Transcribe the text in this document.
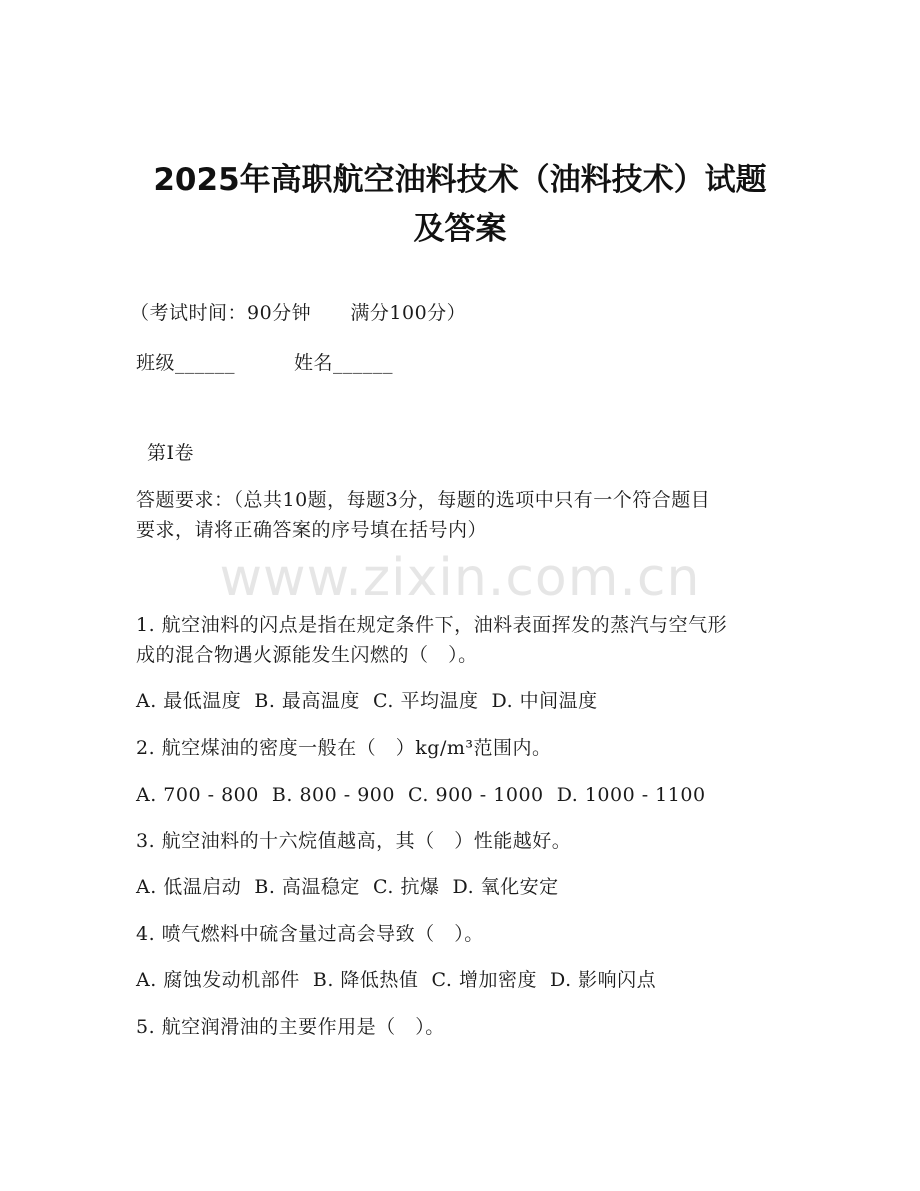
2025年高职航空油料技术（油料技术）试题
及答案
（考试时间：90分钟      满分100分）
班级______	姓名______
第Ⅰ卷
答题要求：（总共10题，每题3分，每题的选项中只有一个符合题目
要求，请将正确答案的序号填在括号内）
www.zixin.com.cn
1. 航空油料的闪点是指在规定条件下，油料表面挥发的蒸汽与空气形
成的混合物遇火源能发生闪燃的（   ）。
A. 最低温度  B. 最高温度  C. 平均温度  D. 中间温度
2. 航空煤油的密度一般在（   ）kg/m³范围内。
A. 700 - 800  B. 800 - 900  C. 900 - 1000  D. 1000 - 1100
3. 航空油料的十六烷值越高，其（   ）性能越好。
A. 低温启动  B. 高温稳定  C. 抗爆  D. 氧化安定
4. 喷气燃料中硫含量过高会导致（   ）。
A. 腐蚀发动机部件  B. 降低热值  C. 增加密度  D. 影响闪点
5. 航空润滑油的主要作用是（   ）。
